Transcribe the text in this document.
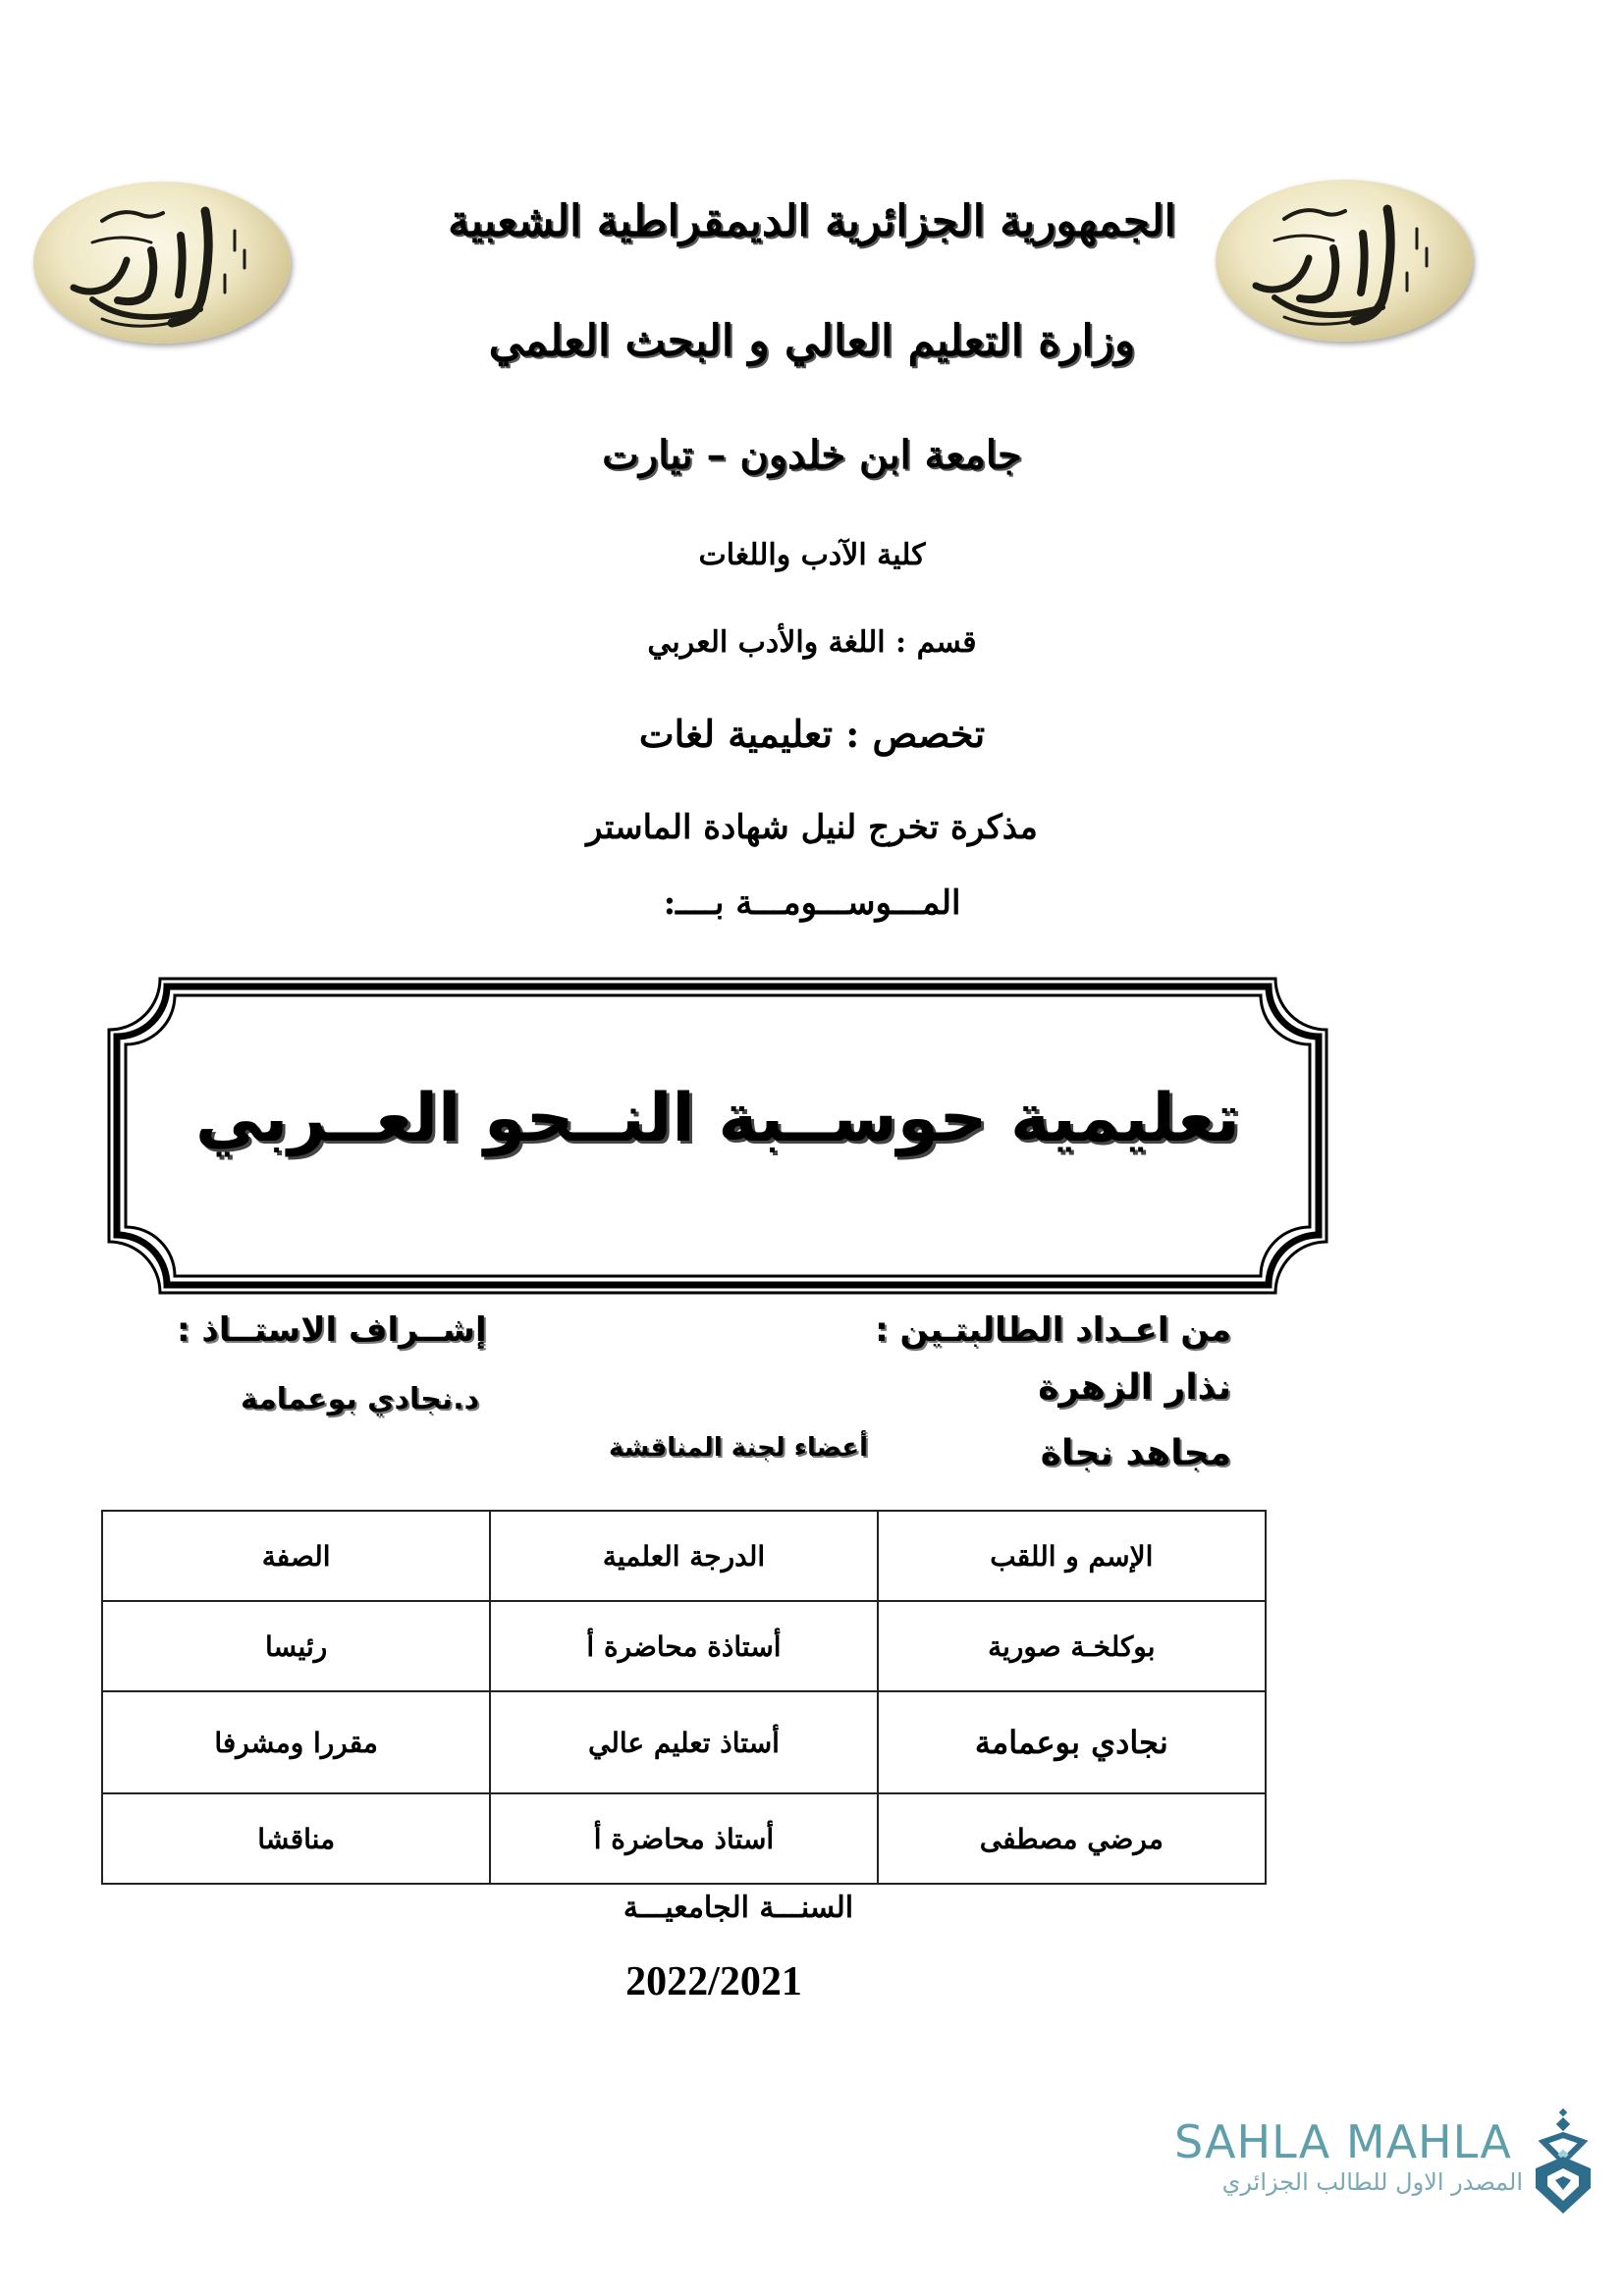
الجمهورية الجزائرية الديمقراطية الشعبية
وزارة التعليم العالي و البحث العلمي
جامعة ابن خلدون – تيارت
كلية الآدب واللغات
قسم : اللغة والأدب العربي
تخصص : تعليمية لغات
مذكرة تخرج لنيل شهادة الماستر
المـــوســـومـــة بــــ:
تعليمية حوســبة النــحو العــربي
من اعـداد الطالبتـين :
نذار الزهرة
مجاهد نجاة
إشــراف الاستــاذ :
د.نجادي بوعمامة
أعضاء لجنة المناقشة
الإسم و اللقب	الدرجة العلمية	الصفة
بوكلخـة صورية	أستاذة محاضرة أ	رئيسا
نجادي بوعمامة	أستاذ تعليم عالي	مقررا ومشرفا
مرضي مصطفى	أستاذ محاضرة أ	مناقشا
السنـــة الجامعيـــة
2022/2021
SAHLA MAHLA
المصدر الاول للطالب الجزائري
